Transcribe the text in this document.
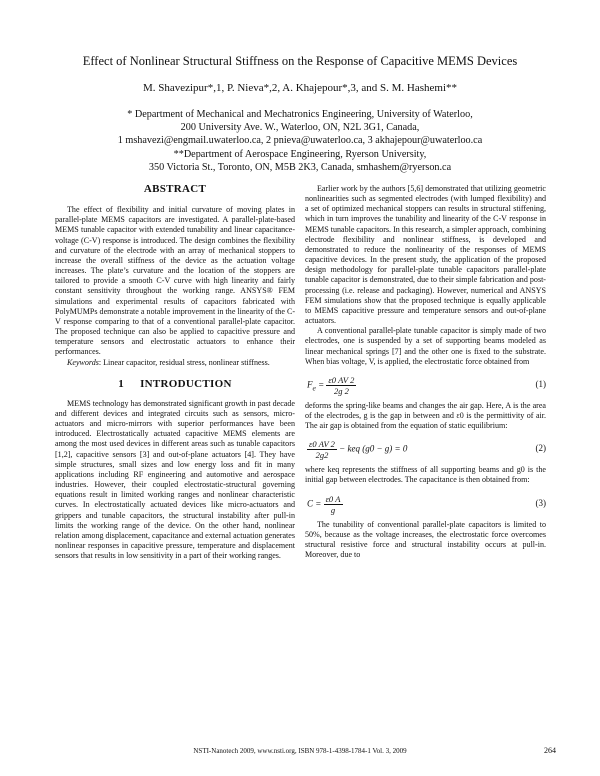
Effect of Nonlinear Structural Stiffness on the Response of Capacitive MEMS Devices
M. Shavezipur*,1, P. Nieva*,2, A. Khajepour*,3, and S. M. Hashemi**
* Department of Mechanical and Mechatronics Engineering, University of Waterloo,
200 University Ave. W., Waterloo, ON, N2L 3G1, Canada,
1 mshavezi@engmail.uwaterloo.ca, 2 pnieva@uwaterloo.ca, 3 akhajepour@uwaterloo.ca
**Department of Aerospace Engineering, Ryerson University,
350 Victoria St., Toronto, ON, M5B 2K3, Canada, smhashem@ryerson.ca
ABSTRACT

The effect of flexibility and initial curvature of moving plates in parallel-plate MEMS capacitors are investigated. A parallel-plate-based MEMS tunable capacitor with extended tunability and linear capacitance-voltage (C-V) response is introduced. The design combines the flexibility and curvature of the electrode with an array of mechanical stoppers to increase the overall stiffness of the device as the actuation voltage increases. The plate’s curvature and the location of the stoppers are tailored to provide a smooth C-V curve with high linearity and fairly constant sensitivity throughout the working range. ANSYS® FEM simulations and experimental results of capacitors fabricated with PolyMUMPs demonstrate a notable improvement in the linearity of the C-V response comparing to that of a conventional parallel-plate capacitor. The proposed technique can also be applied to capacitive pressure and temperature sensors and electrostatic actuators to enhance their performances.

Keywords: Linear capacitor, residual stress, nonlinear stiffness.

1 INTRODUCTION

MEMS technology has demonstrated significant growth in past decade and different devices and integrated circuits such as sensors, micro-actuators and micro-mirrors with superior performances have been introduced. Electrostatically actuated capacitive MEMS elements are among the most used devices in different areas such as tunable capacitors [1,2], capacitive sensors [3] and out-of-plane actuators [4]. They have simple structures, small sizes and low energy loss and fit in many applications including RF engineering and automotive and aerospace industries. However, their coupled electrostatic-structural governing equations result in limited working ranges and nonlinear characteristic curves. In electrostatically actuated devices like micro-actuators and grippers and tunable capacitors, the structural instability after pull-in limits the working range of the device. On the other hand, nonlinear relation among displacement, capacitance and external actuation generates nonlinear responses in capacitive pressure, temperature and displacement sensors that results in low sensitivity in a part of their working ranges.

Earlier work by the authors [5,6] demonstrated that utilizing geometric nonlinearities such as segmented electrodes (with lumped flexibility) and a set of optimized mechanical stoppers can results in structural stiffening, which in turn improves the tunability and linearity of the C-V response in MEMS tunable capacitors. In this research, a simpler approach, combining electrode flexibility and nonlinear stiffness, is developed and demonstrated to reduce the nonlinearity of the responses of MEMS capacitive devices. In the present study, the application of the proposed design methodology for parallel-plate tunable capacitors parallel-plate tunable capacitor is demonstrated, due to their simple fabrication and post-processing (i.e. release and packaging). However, numerical and ANSYS FEM simulations show that the proposed technique is equally applicable to MEMS capacitive pressure and temperature sensors and out-of-plane actuators.

A conventional parallel-plate tunable capacitor is simply made of two electrodes, one is suspended by a set of supporting beams modeled as linear mechanical springs [7] and the other one is fixed to the substrate. When bias voltage, V, is applied, the electrostatic force obtained from

$F_e = \frac{\varepsilon 0 AV 2}{2g 2}$	(1)

deforms the spring-like beams and changes the air gap. Here, A is the area of the electrodes, g is the gap in between and ε0 is the permittivity of air. The air gap is obtained from the equation of static equilibrium:

$\frac{\varepsilon 0 AV 2}{2g2}$ − keq (g0 − g) = 0	(2)

where keq represents the stiffness of all supporting beams and g0 is the initial gap between electrodes. The capacitance is then obtained from:

$C = \frac{\varepsilon 0 A}{g}$	(3)

The tunability of conventional parallel-plate capacitors is limited to 50%, because as the voltage increases, the electrostatic force overcomes structural resistive force and structural instability occurs at pull-in. Moreover, due to

NSTI-Nanotech 2009, www.nsti.org, ISBN 978-1-4398-1784-1 Vol. 3, 2009	264
